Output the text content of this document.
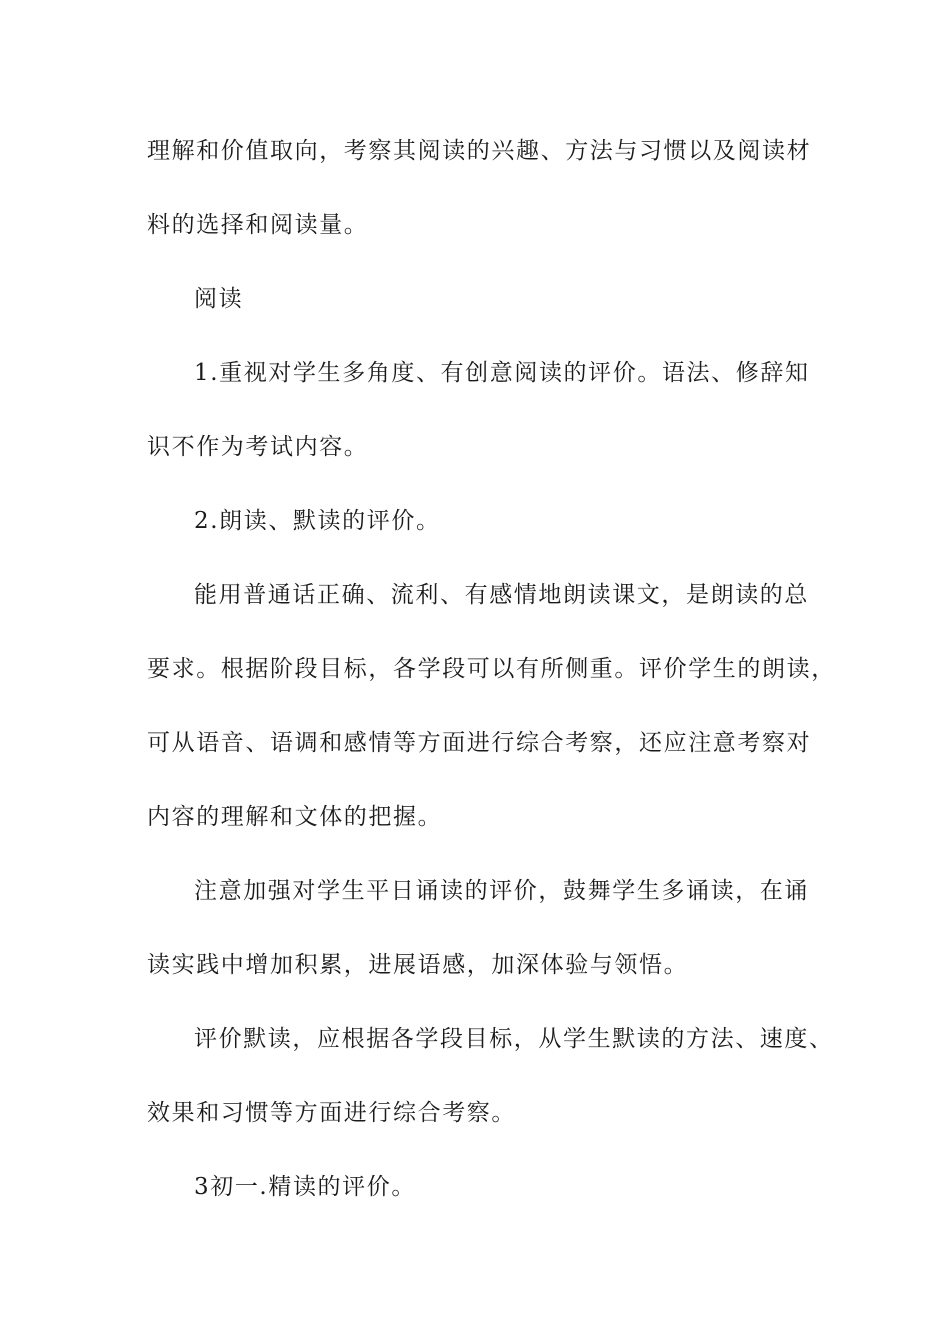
理解和价值取向，考察其阅读的兴趣、方法与习惯以及阅读材
料的选择和阅读量。
阅读
1.重视对学生多角度、有创意阅读的评价。语法、修辞知
识不作为考试内容。
2.朗读、默读的评价。
能用普通话正确、流利、有感情地朗读课文，是朗读的总
要求。根据阶段目标，各学段可以有所侧重。评价学生的朗读，
可从语音、语调和感情等方面进行综合考察，还应注意考察对
内容的理解和文体的把握。
注意加强对学生平日诵读的评价，鼓舞学生多诵读，在诵
读实践中增加积累，进展语感，加深体验与领悟。
评价默读，应根据各学段目标，从学生默读的方法、速度、
效果和习惯等方面进行综合考察。
3初一.精读的评价。
